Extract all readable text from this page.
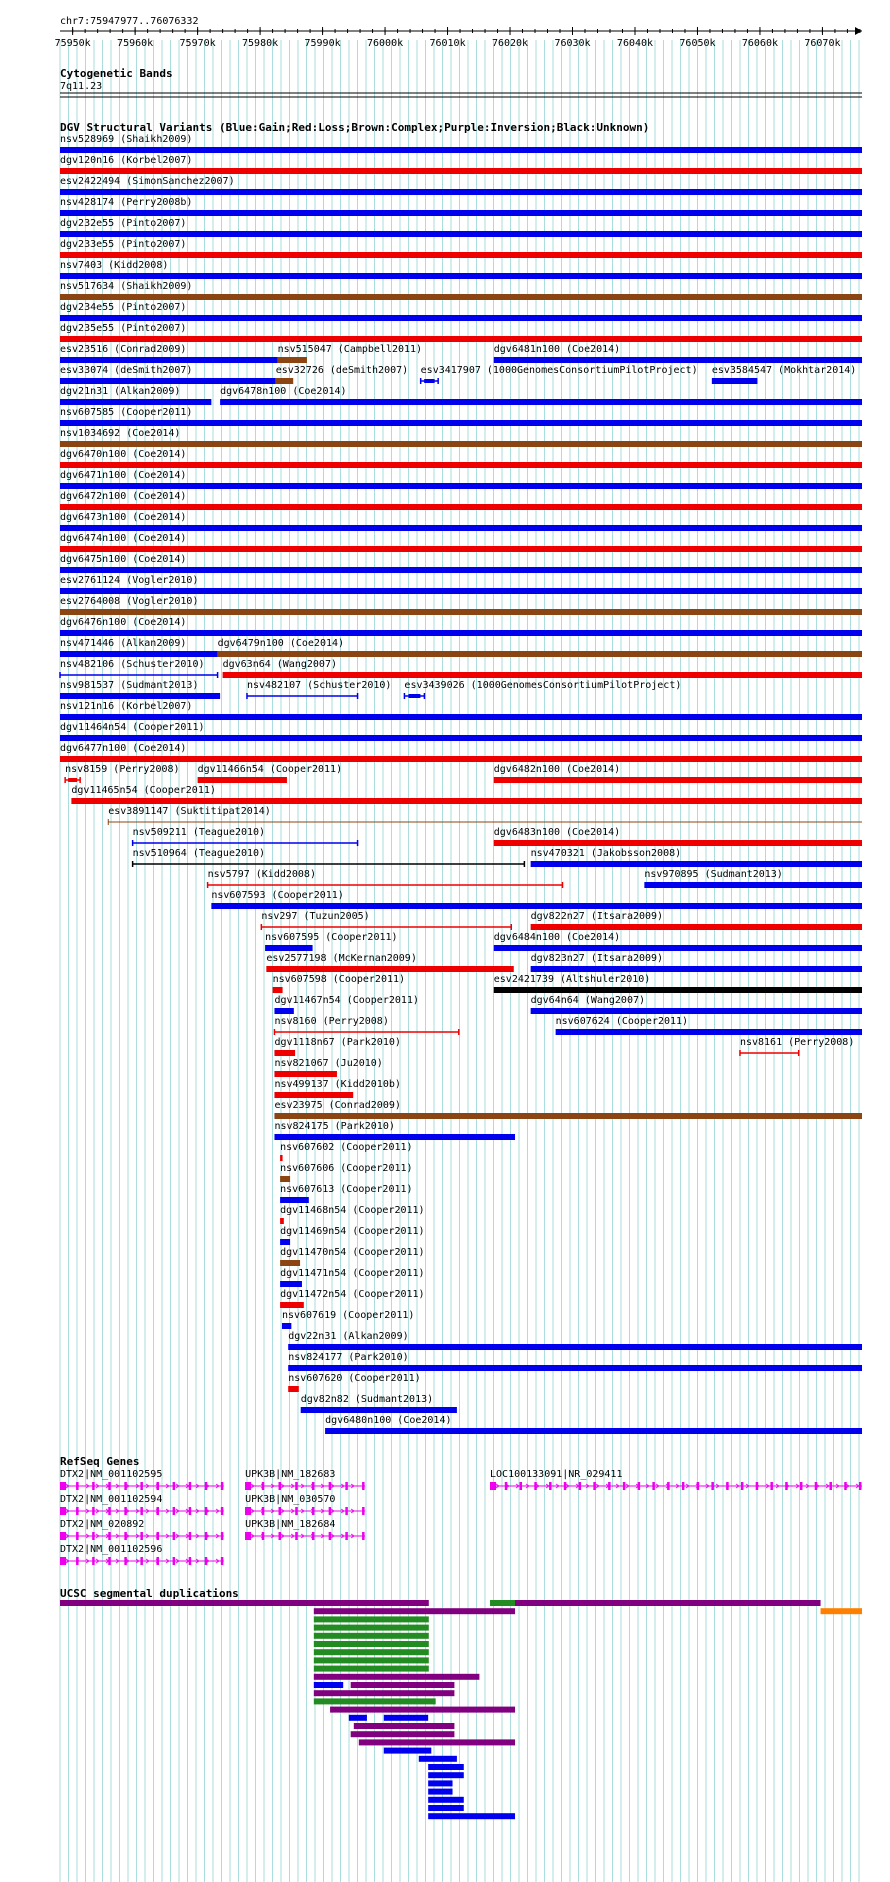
chr7:75947977..76076332
75950k	75960k	75970k	75980k	75990k	76000k	76010k	76020k	76030k	76040k	76050k	76060k	76070k
Cytogenetic Bands
7q11.23
DGV Structural Variants (Blue:Gain;Red:Loss;Brown:Complex;Purple:Inversion;Black:Unknown)
nsv528969 (Shaikh2009)
dgv120n16 (Korbel2007)
esv2422494 (SimonSanchez2007)
nsv428174 (Perry2008b)
dgv232e55 (Pinto2007)
dgv233e55 (Pinto2007)
nsv7403 (Kidd2008)
nsv517634 (Shaikh2009)
dgv234e55 (Pinto2007)
dgv235e55 (Pinto2007)
esv23516 (Conrad2009)	nsv515047 (Campbell2011)	dgv6481n100 (Coe2014)
esv33074 (deSmith2007)	esv32726 (deSmith2007) esv3417907 (1000GenomesConsortiumPilotProject) esv3584547 (Mokhtar2014)
dgv21n31 (Alkan2009)	dgv6478n100 (Coe2014)
nsv607585 (Cooper2011)
nsv1034692 (Coe2014)
dgv6470n100 (Coe2014)
dgv6471n100 (Coe2014)
dgv6472n100 (Coe2014)
dgv6473n100 (Coe2014)
dgv6474n100 (Coe2014)
dgv6475n100 (Coe2014)
esv2761124 (Vogler2010)
esv2764008 (Vogler2010)
dgv6476n100 (Coe2014)
nsv471446 (Alkan2009)	dgv6479n100 (Coe2014)
nsv482106 (Schuster2010) dgv63n64 (Wang2007)
nsv981537 (Sudmant2013)	nsv482107 (Schuster2010) esv3439026 (1000GenomesConsortiumPilotProject)
nsv121n16 (Korbel2007)
dgv11464n54 (Cooper2011)
dgv6477n100 (Coe2014)
nsv8159 (Perry2008) dgv11466n54 (Cooper2011)	dgv6482n100 (Coe2014)
dgv11465n54 (Cooper2011)
esv3891147 (Suktitipat2014)
nsv509211 (Teague2010)	dgv6483n100 (Coe2014)
nsv510964 (Teague2010)	nsv470321 (Jakobsson2008)
nsv5797 (Kidd2008)	nsv970895 (Sudmant2013)
nsv607593 (Cooper2011)
nsv297 (Tuzun2005)	dgv822n27 (Itsara2009)
nsv607595 (Cooper2011)	dgv6484n100 (Coe2014)
esv2577198 (McKernan2009)	dgv823n27 (Itsara2009)
nsv607598 (Cooper2011)	esv2421739 (Altshuler2010)
dgv11467n54 (Cooper2011)	dgv64n64 (Wang2007)
nsv8160 (Perry2008)	nsv607624 (Cooper2011)
dgv1118n67 (Park2010)	nsv8161 (Perry2008)
nsv821067 (Ju2010)
nsv499137 (Kidd2010b)
esv23975 (Conrad2009)
nsv824175 (Park2010)
nsv607602 (Cooper2011)
nsv607606 (Cooper2011)
nsv607613 (Cooper2011)
dgv11468n54 (Cooper2011)
dgv11469n54 (Cooper2011)
dgv11470n54 (Cooper2011)
dgv11471n54 (Cooper2011)
dgv11472n54 (Cooper2011)
nsv607619 (Cooper2011)
dgv22n31 (Alkan2009)
nsv824177 (Park2010)
nsv607620 (Cooper2011)
dgv82n82 (Sudmant2013)
dgv6480n100 (Coe2014)
RefSeq Genes
DTX2|NM_001102595	UPK3B|NM_182683	LOC100133091|NR_029411
DTX2|NM_001102594	UPK3B|NM_030570
DTX2|NM_020892	UPK3B|NM_182684
DTX2|NM_001102596
UCSC segmental duplications
